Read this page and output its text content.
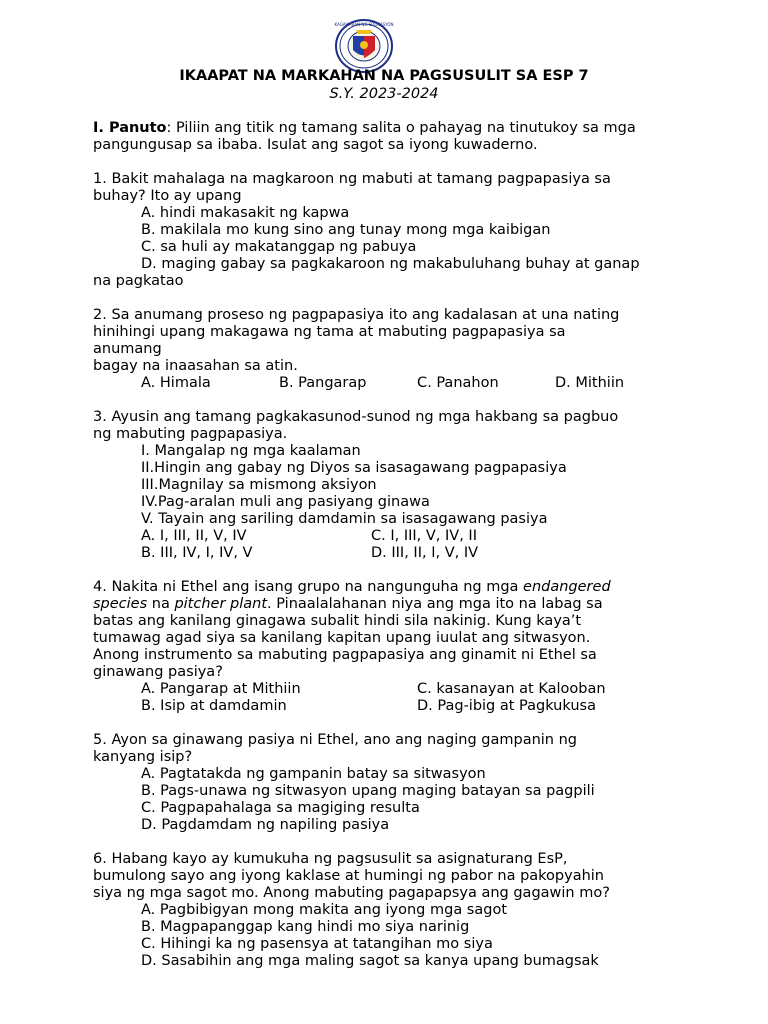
KAGAWARAN NG EDUKASYON
IKAAPAT NA MARKAHAN NA PAGSUSULIT SA ESP 7
S.Y. 2023-2024

I. Panuto: Piliin ang titik ng tamang salita o pahayag na tinutukoy sa mga

pangungusap sa ibaba. Isulat ang sagot sa iyong kuwaderno.

1. Bakit mahalaga na magkaroon ng mabuti at tamang pagpapasiya sa

buhay? Ito ay upang

A. hindi makasakit ng kapwa

B. makilala mo kung sino ang tunay mong mga kaibigan

C. sa huli ay makatanggap ng pabuya

D. maging gabay sa pagkakaroon ng makabuluhang buhay at ganap

na pagkatao

2. Sa anumang proseso ng pagpapasiya ito ang kadalasan at una nating

hinihingi upang makagawa ng tama at mabuting pagpapasiya sa

anumang

bagay na inaasahan sa atin.

A. Himala	B. Pangarap	C. Panahon	D. Mithiin

3. Ayusin ang tamang pagkakasunod-sunod ng mga hakbang sa pagbuo

ng mabuting pagpapasiya.

I. Mangalap ng mga kaalaman

II.Hingin ang gabay ng Diyos sa isasagawang pagpapasiya

III.Magnilay sa mismong aksiyon

IV.Pag-aralan muli ang pasiyang ginawa

V. Tayain ang sariling damdamin sa isasagawang pasiya

A. I, III, II, V, IV	C. I, III, V, IV, II
B. III, IV, I, IV, V	D. III, II, I, V, IV

4. Nakita ni Ethel ang isang grupo na nangunguha ng mga endangered

species na pitcher plant. Pinaalalahanan niya ang mga ito na labag sa

batas ang kanilang ginagawa subalit hindi sila nakinig. Kung kaya’t

tumawag agad siya sa kanilang kapitan upang iuulat ang sitwasyon.

Anong instrumento sa mabuting pagpapasiya ang ginamit ni Ethel sa

ginawang pasiya?

A. Pangarap at Mithiin	C. kasanayan at Kalooban
B. Isip at damdamin	D. Pag-ibig at Pagkukusa

5. Ayon sa ginawang pasiya ni Ethel, ano ang naging gampanin ng

kanyang isip?

A. Pagtatakda ng gampanin batay sa sitwasyon

B. Pags-unawa ng sitwasyon upang maging batayan sa pagpili

C. Pagpapahalaga sa magiging resulta

D. Pagdamdam ng napiling pasiya

6. Habang kayo ay kumukuha ng pagsusulit sa asignaturang EsP,

bumulong sayo ang iyong kaklase at humingi ng pabor na pakopyahin

siya ng mga sagot mo. Anong mabuting pagapapsya ang gagawin mo?

A. Pagbibigyan mong makita ang iyong mga sagot

B. Magpapanggap kang hindi mo siya narinig

C. Hihingi ka ng pasensya at tatangihan mo siya

D. Sasabihin ang mga maling sagot sa kanya upang bumagsak
